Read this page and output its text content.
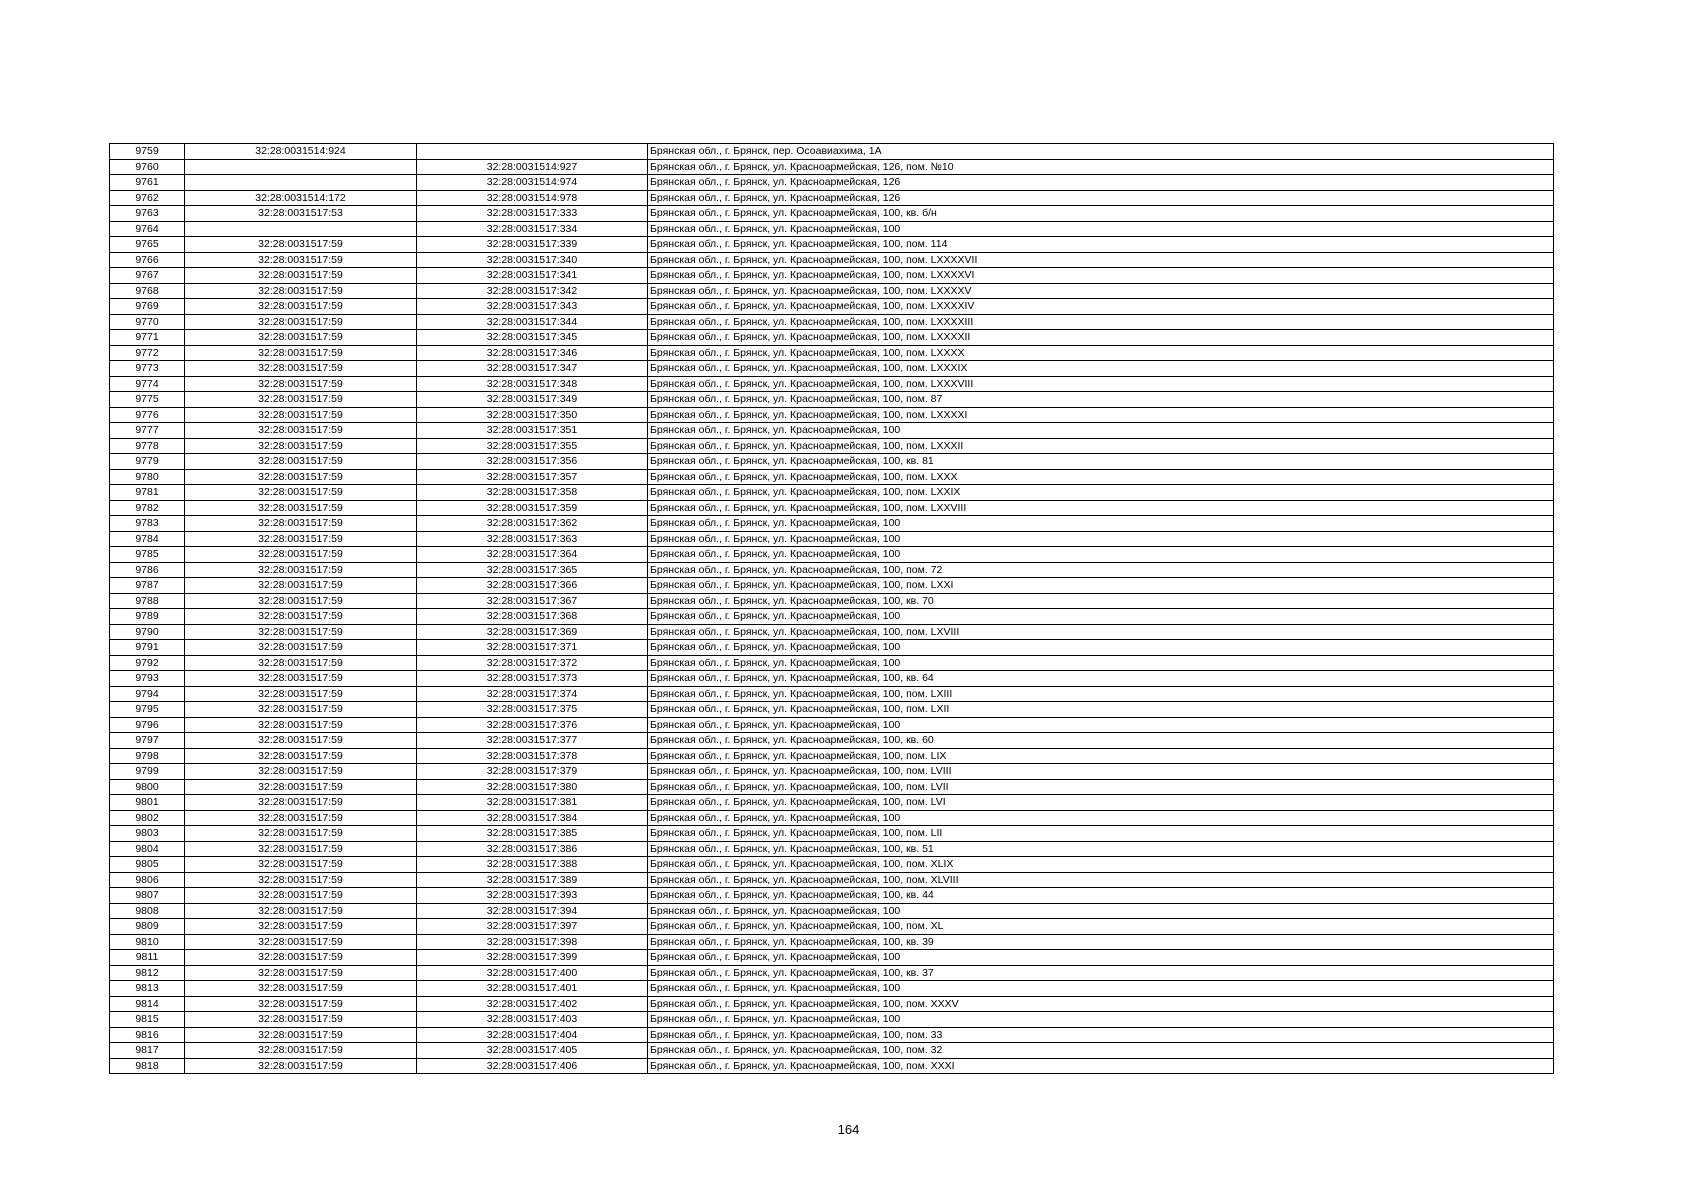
9759	32:28:0031514:924		Брянская обл., г. Брянск, пер. Осоавиахима, 1А
9760		32:28:0031514:927	Брянская обл., г. Брянск, ул. Красноармейская, 126, пом. №10
9761		32:28:0031514:974	Брянская обл., г. Брянск, ул. Красноармейская, 126
9762	32:28:0031514:172	32:28:0031514:978	Брянская обл., г. Брянск, ул. Красноармейская, 126
9763	32:28:0031517:53	32:28:0031517:333	Брянская обл., г. Брянск, ул. Красноармейская, 100, кв. б/н
9764		32:28:0031517:334	Брянская обл., г. Брянск, ул. Красноармейская, 100
9765	32:28:0031517:59	32:28:0031517:339	Брянская обл., г. Брянск, ул. Красноармейская, 100, пом. 114
9766	32:28:0031517:59	32:28:0031517:340	Брянская обл., г. Брянск, ул. Красноармейская, 100, пом. LXXXXVII
9767	32:28:0031517:59	32:28:0031517:341	Брянская обл., г. Брянск, ул. Красноармейская, 100, пом. LXXXXVI
9768	32:28:0031517:59	32:28:0031517:342	Брянская обл., г. Брянск, ул. Красноармейская, 100, пом. LXXXXV
9769	32:28:0031517:59	32:28:0031517:343	Брянская обл., г. Брянск, ул. Красноармейская, 100, пом. LXXXXIV
9770	32:28:0031517:59	32:28:0031517:344	Брянская обл., г. Брянск, ул. Красноармейская, 100, пом. LXXXXIII
9771	32:28:0031517:59	32:28:0031517:345	Брянская обл., г. Брянск, ул. Красноармейская, 100, пом. LXXXXII
9772	32:28:0031517:59	32:28:0031517:346	Брянская обл., г. Брянск, ул. Красноармейская, 100, пом. LXXXX
9773	32:28:0031517:59	32:28:0031517:347	Брянская обл., г. Брянск, ул. Красноармейская, 100, пом. LXXXIX
9774	32:28:0031517:59	32:28:0031517:348	Брянская обл., г. Брянск, ул. Красноармейская, 100, пом. LXXXVIII
9775	32:28:0031517:59	32:28:0031517:349	Брянская обл., г. Брянск, ул. Красноармейская, 100, пом. 87
9776	32:28:0031517:59	32:28:0031517:350	Брянская обл., г. Брянск, ул. Красноармейская, 100, пом. LXXXXI
9777	32:28:0031517:59	32:28:0031517:351	Брянская обл., г. Брянск, ул. Красноармейская, 100
9778	32:28:0031517:59	32:28:0031517:355	Брянская обл., г. Брянск, ул. Красноармейская, 100, пом. LXXXII
9779	32:28:0031517:59	32:28:0031517:356	Брянская обл., г. Брянск, ул. Красноармейская, 100, кв. 81
9780	32:28:0031517:59	32:28:0031517:357	Брянская обл., г. Брянск, ул. Красноармейская, 100, пом. LXXX
9781	32:28:0031517:59	32:28:0031517:358	Брянская обл., г. Брянск, ул. Красноармейская, 100, пом. LXXIX
9782	32:28:0031517:59	32:28:0031517:359	Брянская обл., г. Брянск, ул. Красноармейская, 100, пом. LXXVIII
9783	32:28:0031517:59	32:28:0031517:362	Брянская обл., г. Брянск, ул. Красноармейская, 100
9784	32:28:0031517:59	32:28:0031517:363	Брянская обл., г. Брянск, ул. Красноармейская, 100
9785	32:28:0031517:59	32:28:0031517:364	Брянская обл., г. Брянск, ул. Красноармейская, 100
9786	32:28:0031517:59	32:28:0031517:365	Брянская обл., г. Брянск, ул. Красноармейская, 100, пом. 72
9787	32:28:0031517:59	32:28:0031517:366	Брянская обл., г. Брянск, ул. Красноармейская, 100, пом. LXXI
9788	32:28:0031517:59	32:28:0031517:367	Брянская обл., г. Брянск, ул. Красноармейская, 100, кв. 70
9789	32:28:0031517:59	32:28:0031517:368	Брянская обл., г. Брянск, ул. Красноармейская, 100
9790	32:28:0031517:59	32:28:0031517:369	Брянская обл., г. Брянск, ул. Красноармейская, 100, пом. LXVIII
9791	32:28:0031517:59	32:28:0031517:371	Брянская обл., г. Брянск, ул. Красноармейская, 100
9792	32:28:0031517:59	32:28:0031517:372	Брянская обл., г. Брянск, ул. Красноармейская, 100
9793	32:28:0031517:59	32:28:0031517:373	Брянская обл., г. Брянск, ул. Красноармейская, 100, кв. 64
9794	32:28:0031517:59	32:28:0031517:374	Брянская обл., г. Брянск, ул. Красноармейская, 100, пом. LXIII
9795	32:28:0031517:59	32:28:0031517:375	Брянская обл., г. Брянск, ул. Красноармейская, 100, пом. LXII
9796	32:28:0031517:59	32:28:0031517:376	Брянская обл., г. Брянск, ул. Красноармейская, 100
9797	32:28:0031517:59	32:28:0031517:377	Брянская обл., г. Брянск, ул. Красноармейская, 100, кв. 60
9798	32:28:0031517:59	32:28:0031517:378	Брянская обл., г. Брянск, ул. Красноармейская, 100, пом. LIX
9799	32:28:0031517:59	32:28:0031517:379	Брянская обл., г. Брянск, ул. Красноармейская, 100, пом. LVIII
9800	32:28:0031517:59	32:28:0031517:380	Брянская обл., г. Брянск, ул. Красноармейская, 100, пом. LVII
9801	32:28:0031517:59	32:28:0031517:381	Брянская обл., г. Брянск, ул. Красноармейская, 100, пом. LVI
9802	32:28:0031517:59	32:28:0031517:384	Брянская обл., г. Брянск, ул. Красноармейская, 100
9803	32:28:0031517:59	32:28:0031517:385	Брянская обл., г. Брянск, ул. Красноармейская, 100, пом. LII
9804	32:28:0031517:59	32:28:0031517:386	Брянская обл., г. Брянск, ул. Красноармейская, 100, кв. 51
9805	32:28:0031517:59	32:28:0031517:388	Брянская обл., г. Брянск, ул. Красноармейская, 100, пом. XLIX
9806	32:28:0031517:59	32:28:0031517:389	Брянская обл., г. Брянск, ул. Красноармейская, 100, пом. XLVIII
9807	32:28:0031517:59	32:28:0031517:393	Брянская обл., г. Брянск, ул. Красноармейская, 100, кв. 44
9808	32:28:0031517:59	32:28:0031517:394	Брянская обл., г. Брянск, ул. Красноармейская, 100
9809	32:28:0031517:59	32:28:0031517:397	Брянская обл., г. Брянск, ул. Красноармейская, 100, пом. XL
9810	32:28:0031517:59	32:28:0031517:398	Брянская обл., г. Брянск, ул. Красноармейская, 100, кв. 39
9811	32:28:0031517:59	32:28:0031517:399	Брянская обл., г. Брянск, ул. Красноармейская, 100
9812	32:28:0031517:59	32:28:0031517:400	Брянская обл., г. Брянск, ул. Красноармейская, 100, кв. 37
9813	32:28:0031517:59	32:28:0031517:401	Брянская обл., г. Брянск, ул. Красноармейская, 100
9814	32:28:0031517:59	32:28:0031517:402	Брянская обл., г. Брянск, ул. Красноармейская, 100, пом. XXXV
9815	32:28:0031517:59	32:28:0031517:403	Брянская обл., г. Брянск, ул. Красноармейская, 100
9816	32:28:0031517:59	32:28:0031517:404	Брянская обл., г. Брянск, ул. Красноармейская, 100, пом. 33
9817	32:28:0031517:59	32:28:0031517:405	Брянская обл., г. Брянск, ул. Красноармейская, 100, пом. 32
9818	32:28:0031517:59	32:28:0031517:406	Брянская обл., г. Брянск, ул. Красноармейская, 100, пом. XXXI
164
